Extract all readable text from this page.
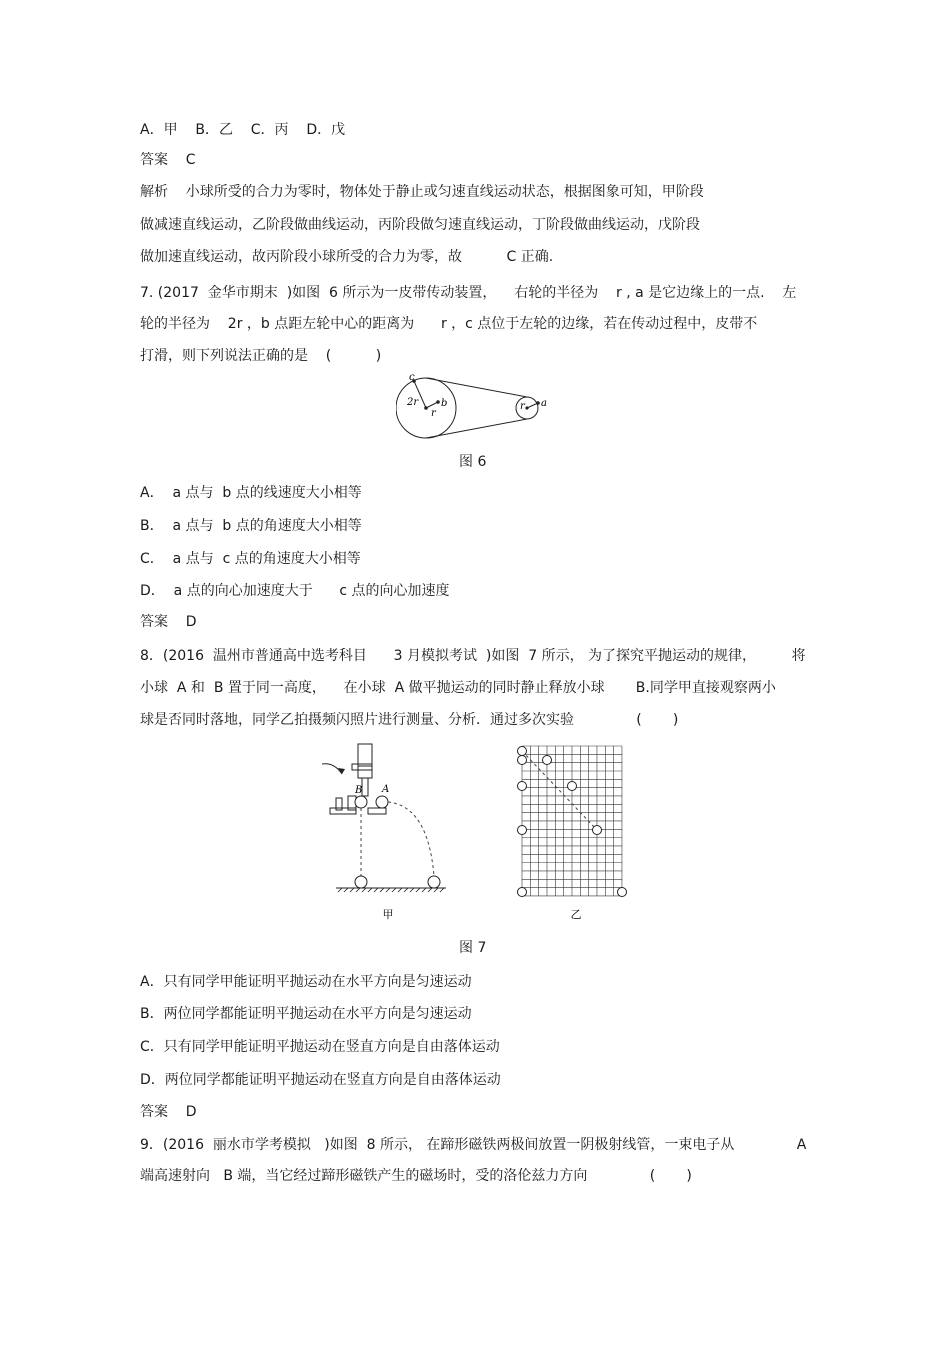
A．甲    B．乙    C．丙    D．戊
答案    C
解析    小球所受的合力为零时，物体处于静止或匀速直线运动状态，根据图象可知，甲阶段
做减速直线运动，乙阶段做曲线运动，丙阶段做匀速直线运动，丁阶段做曲线运动，戊阶段
做加速直线运动，故丙阶段小球所受的合力为零，故          C 正确.
7. (2017  金华市期末  )如图  6 所示为一皮带传动装置，    右轮的半径为    r , a 是它边缘上的一点.    左
轮的半径为    2r ，b 点距左轮中心的距离为      r ，c 点位于左轮的边缘，若在传动过程中，皮带不
打滑，则下列说法正确的是    (          )
c
2r b
r
r a
图 6
A．  a 点与  b 点的线速度大小相等
B．  a 点与  b 点的角速度大小相等
C．  a 点与  c 点的角速度大小相等
D．  a 点的向心加速度大于      c 点的向心加速度
答案    D
8．(2016  温州市普通高中选考科目      3 月模拟考试  )如图  7 所示， 为了探究平抛运动的规律，        将
小球  A 和  B 置于同一高度，    在小球  A 做平抛运动的同时静止释放小球       B.同学甲直接观察两小
球是否同时落地，同学乙拍摄频闪照片进行测量、分析．通过多次实验              (       )
B A
甲	乙
图 7
A．只有同学甲能证明平抛运动在水平方向是匀速运动
B．两位同学都能证明平抛运动在水平方向是匀速运动
C．只有同学甲能证明平抛运动在竖直方向是自由落体运动
D．两位同学都能证明平抛运动在竖直方向是自由落体运动
答案    D
9．(2016  丽水市学考模拟   )如图  8 所示， 在蹄形磁铁两极间放置一阴极射线管，一束电子从              A
端高速射向   B 端，当它经过蹄形磁铁产生的磁场时，受的洛伦兹力方向              (       )
